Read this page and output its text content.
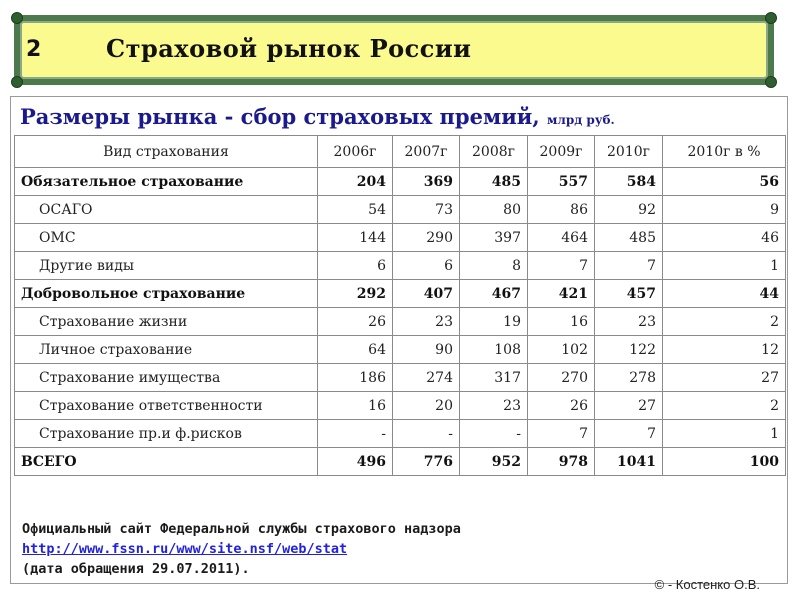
2	Страховой рынок России
Размеры рынка - сбор страховых премий, млрд руб.
Вид страхования	2006г	2007г	2008г	2009г	2010г	2010г в %
Обязательное страхование	204	369	485	557	584	56
ОСАГО	54	73	80	86	92	9
ОМС	144	290	397	464	485	46
Другие виды	6	6	8	7	7	1
Добровольное страхование	292	407	467	421	457	44
Страхование жизни	26	23	19	16	23	2
Личное страхование	64	90	108	102	122	12
Страхование имущества	186	274	317	270	278	27
Страхование ответственности	16	20	23	26	27	2
Страхование пр.и ф.рисков	-	-	-	7	7	1
ВСЕГО	496	776	952	978	1041	100
Официальный сайт Федеральной службы страхового надзора
http://www.fssn.ru/www/site.nsf/web/stat
(дата обращения 29.07.2011).
© - Костенко О.В.
